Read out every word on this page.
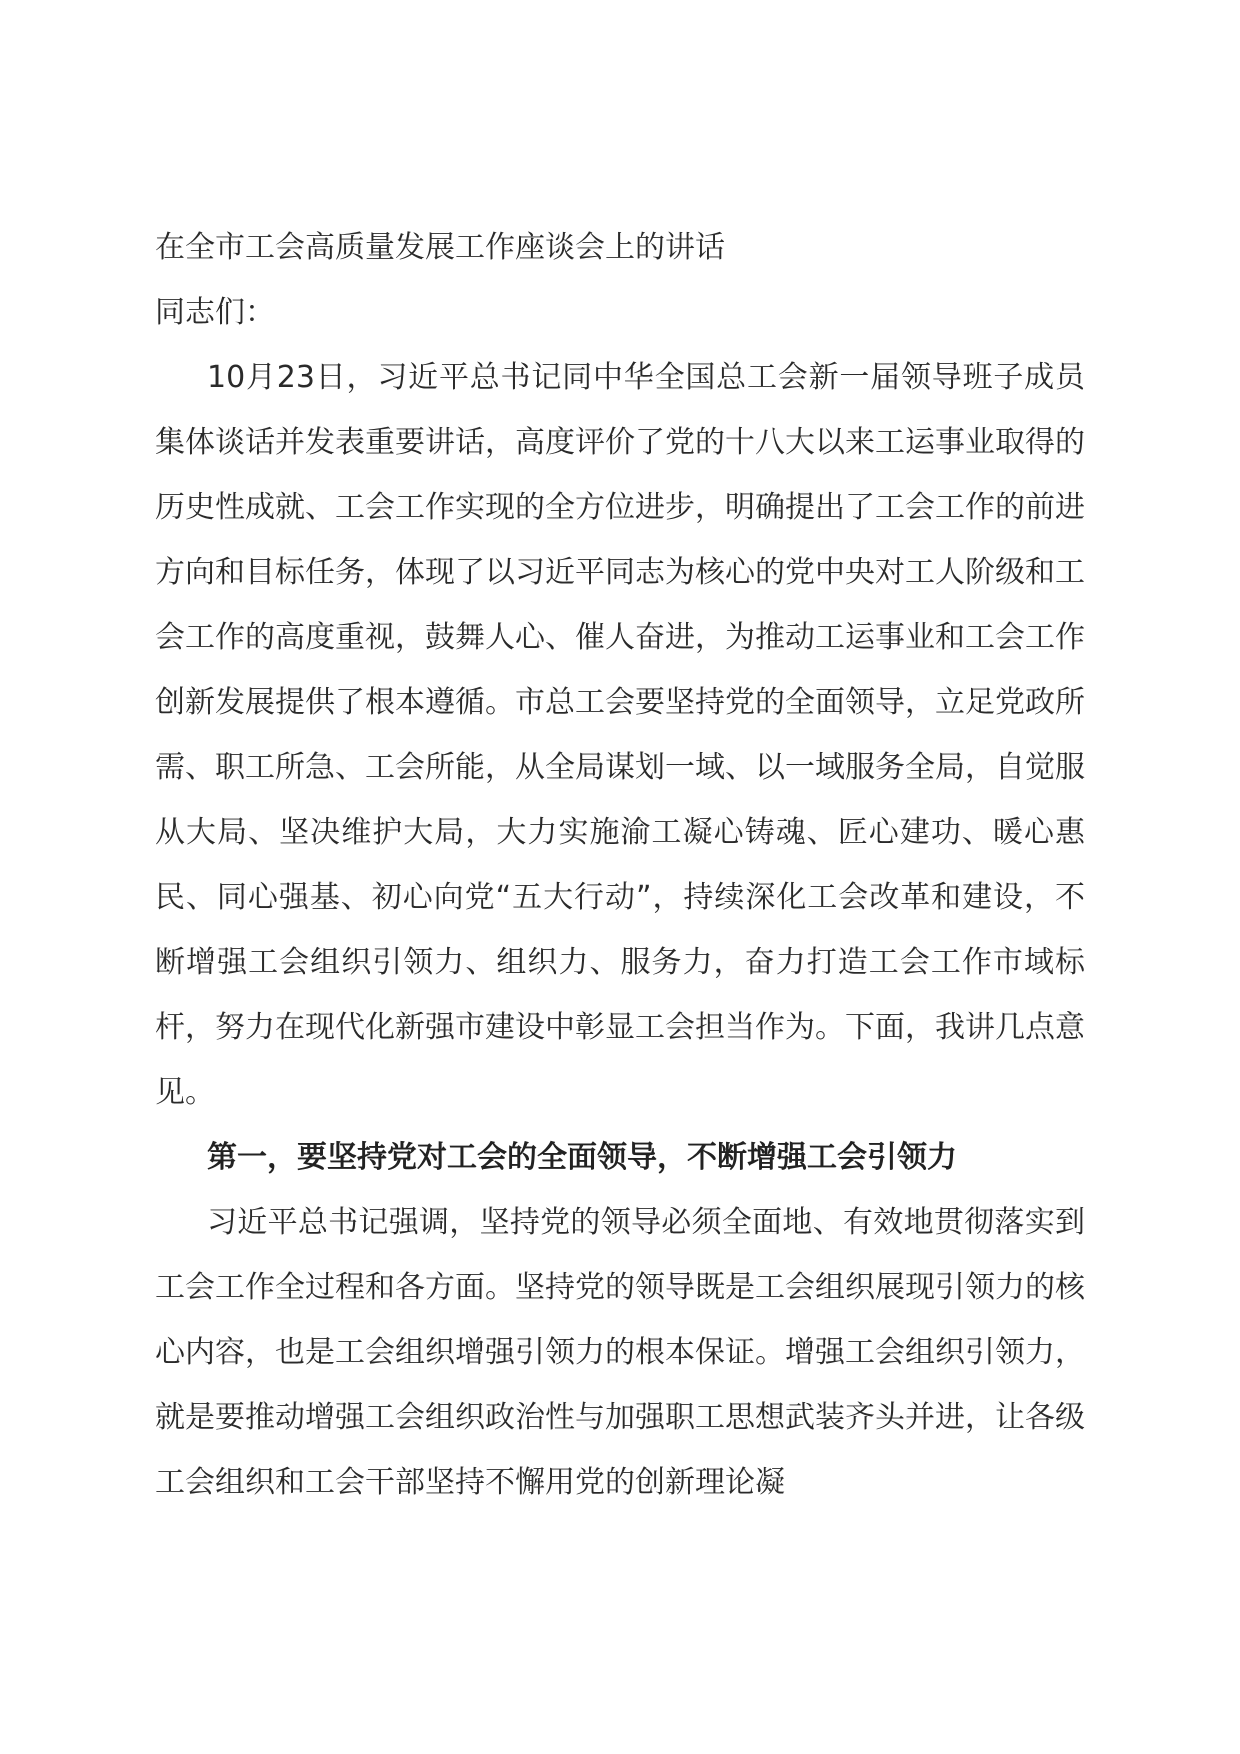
在全市工会高质量发展工作座谈会上的讲话

同志们：

10月23日，习近平总书记同中华全国总工会新一届领导班子成员集体谈话并发表重要讲话，高度评价了党的十八大以来工运事业取得的历史性成就、工会工作实现的全方位进步，明确提出了工会工作的前进方向和目标任务，体现了以习近平同志为核心的党中央对工人阶级和工会工作的高度重视，鼓舞人心、催人奋进，为推动工运事业和工会工作创新发展提供了根本遵循。市总工会要坚持党的全面领导，立足党政所需、职工所急、工会所能，从全局谋划一域、以一域服务全局，自觉服从大局、坚决维护大局，大力实施渝工凝心铸魂、匠心建功、暖心惠民、同心强基、初心向党“五大行动”，持续深化工会改革和建设，不断增强工会组织引领力、组织力、服务力，奋力打造工会工作市域标杆，努力在现代化新强市建设中彰显工会担当作为。下面，我讲几点意见。

第一，要坚持党对工会的全面领导，不断增强工会引领力

习近平总书记强调，坚持党的领导必须全面地、有效地贯彻落实到工会工作全过程和各方面。坚持党的领导既是工会组织展现引领力的核心内容，也是工会组织增强引领力的根本保证。增强工会组织引领力，就是要推动增强工会组织政治性与加强职工思想武装齐头并进，让各级工会组织和工会干部坚持不懈用党的创新理论凝
